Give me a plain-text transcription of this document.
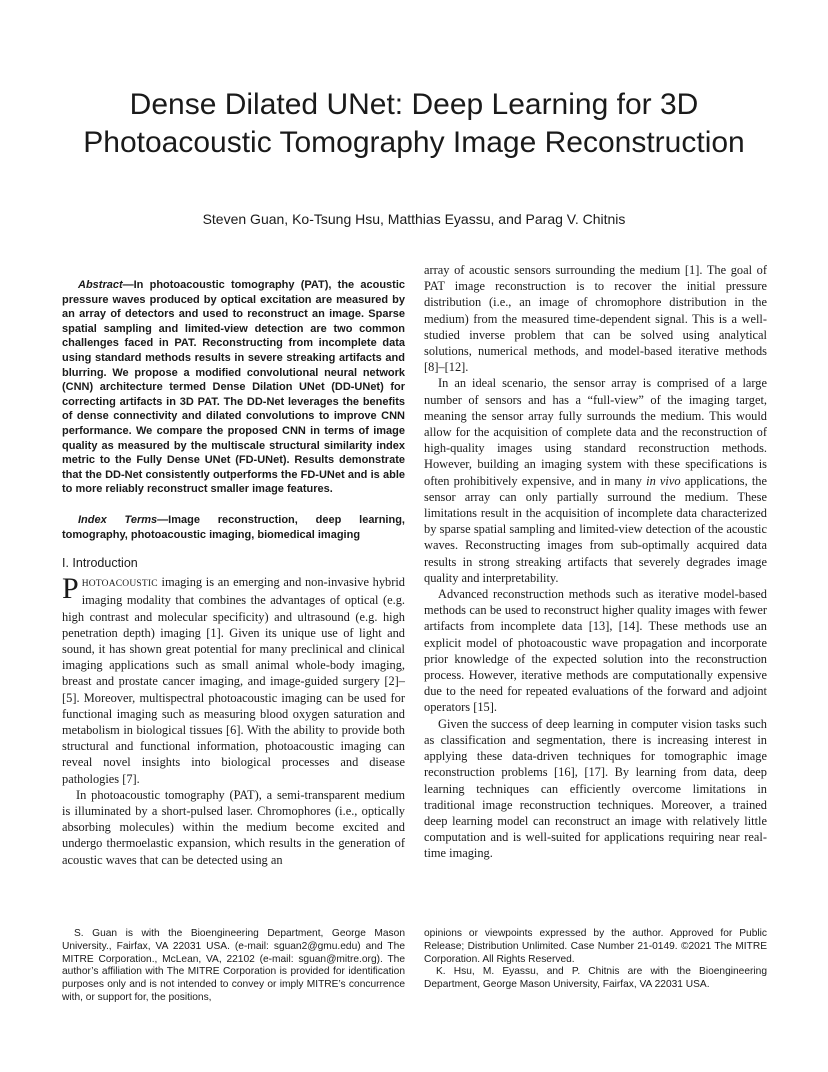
Dense Dilated UNet: Deep Learning for 3D Photoacoustic Tomography Image Reconstruction

Steven Guan, Ko-Tsung Hsu, Matthias Eyassu, and Parag V. Chitnis

Abstract—In photoacoustic tomography (PAT), the acoustic pressure waves produced by optical excitation are measured by an array of detectors and used to reconstruct an image. Sparse spatial sampling and limited-view detection are two common challenges faced in PAT. Reconstructing from incomplete data using standard methods results in severe streaking artifacts and blurring. We propose a modified convolutional neural network (CNN) architecture termed Dense Dilation UNet (DD-UNet) for correcting artifacts in 3D PAT. The DD-Net leverages the benefits of dense connectivity and dilated convolutions to improve CNN performance. We compare the proposed CNN in terms of image quality as measured by the multiscale structural similarity index metric to the Fully Dense UNet (FD-UNet). Results demonstrate that the DD-Net consistently outperforms the FD-UNet and is able to more reliably reconstruct smaller image features.

Index Terms—Image reconstruction, deep learning, tomography, photoacoustic imaging, biomedical imaging

I. Introduction

PHOTOACOUSTIC imaging is an emerging and non-invasive hybrid imaging modality that combines the advantages of optical (e.g. high contrast and molecular specificity) and ultrasound (e.g. high penetration depth) imaging [1]. Given its unique use of light and sound, it has shown great potential for many preclinical and clinical imaging applications such as small animal whole-body imaging, breast and prostate cancer imaging, and image-guided surgery [2]–[5]. Moreover, multispectral photoacoustic imaging can be used for functional imaging such as measuring blood oxygen saturation and metabolism in biological tissues [6]. With the ability to provide both structural and functional information, photoacoustic imaging can reveal novel insights into biological processes and disease pathologies [7].

In photoacoustic tomography (PAT), a semi-transparent medium is illuminated by a short-pulsed laser. Chromophores (i.e., optically absorbing molecules) within the medium become excited and undergo thermoelastic expansion, which results in the generation of acoustic waves that can be detected using an

array of acoustic sensors surrounding the medium [1]. The goal of PAT image reconstruction is to recover the initial pressure distribution (i.e., an image of chromophore distribution in the medium) from the measured time-dependent signal. This is a well-studied inverse problem that can be solved using analytical solutions, numerical methods, and model-based iterative methods [8]–[12].

In an ideal scenario, the sensor array is comprised of a large number of sensors and has a “full-view” of the imaging target, meaning the sensor array fully surrounds the medium. This would allow for the acquisition of complete data and the reconstruction of high-quality images using standard reconstruction methods. However, building an imaging system with these specifications is often prohibitively expensive, and in many in vivo applications, the sensor array can only partially surround the medium. These limitations result in the acquisition of incomplete data characterized by sparse spatial sampling and limited-view detection of the acoustic waves. Reconstructing images from sub-optimally acquired data results in strong streaking artifacts that severely degrades image quality and interpretability.

Advanced reconstruction methods such as iterative model-based methods can be used to reconstruct higher quality images with fewer artifacts from incomplete data [13], [14]. These methods use an explicit model of photoacoustic wave propagation and incorporate prior knowledge of the expected solution into the reconstruction process. However, iterative methods are computationally expensive due to the need for repeated evaluations of the forward and adjoint operators [15].

Given the success of deep learning in computer vision tasks such as classification and segmentation, there is increasing interest in applying these data-driven techniques for tomographic image reconstruction problems [16], [17]. By learning from data, deep learning techniques can efficiently overcome limitations in traditional image reconstruction techniques. Moreover, a trained deep learning model can reconstruct an image with relatively little computation and is well-suited for applications requiring near real-time imaging.

S. Guan is with the Bioengineering Department, George Mason University., Fairfax, VA 22031 USA. (e-mail: sguan2@gmu.edu) and The MITRE Corporation., McLean, VA, 22102 (e-mail: sguan@mitre.org). The author’s affiliation with The MITRE Corporation is provided for identification purposes only and is not intended to convey or imply MITRE’s concurrence with, or support for, the positions,

opinions or viewpoints expressed by the author. Approved for Public Release; Distribution Unlimited. Case Number 21-0149. ©2021 The MITRE Corporation. All Rights Reserved.

K. Hsu, M. Eyassu, and P. Chitnis are with the Bioengineering Department, George Mason University, Fairfax, VA 22031 USA.
